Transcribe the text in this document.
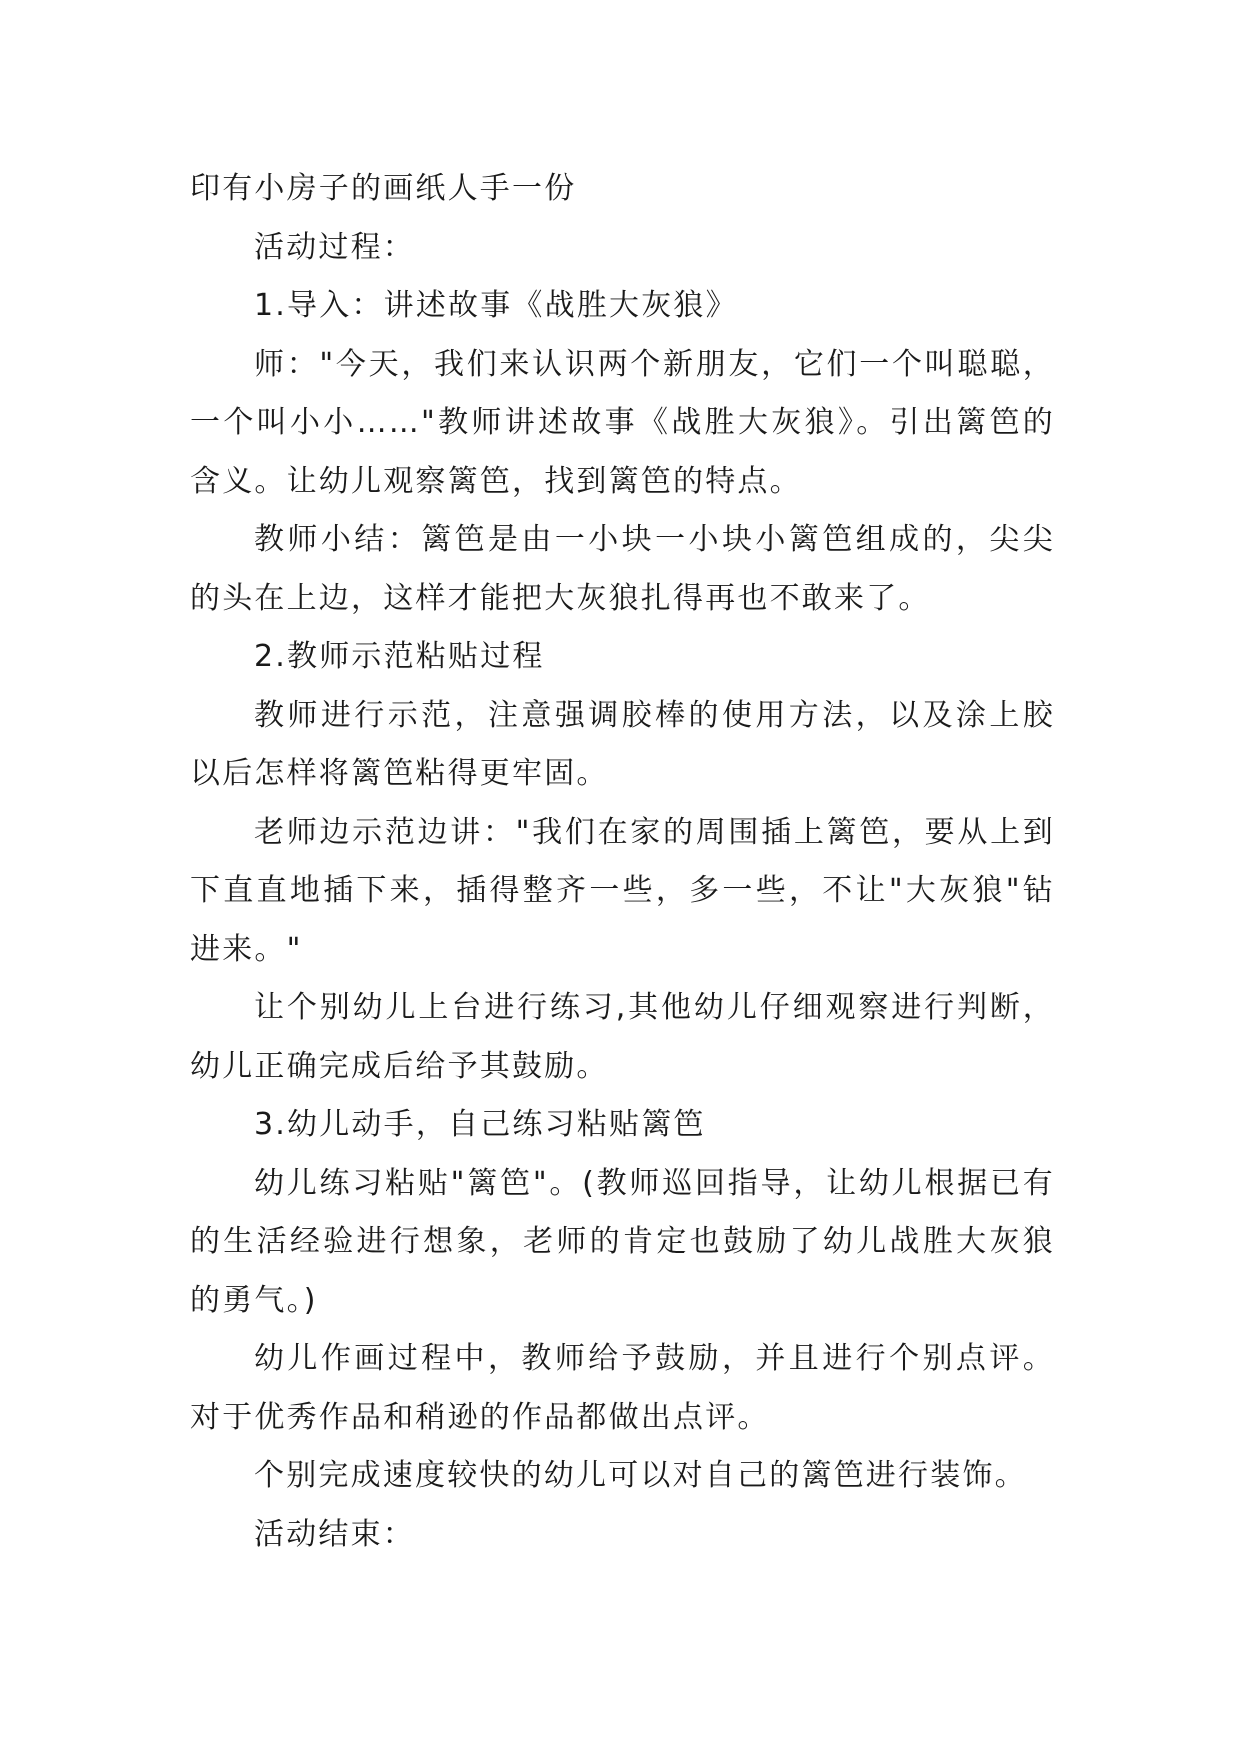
印有小房子的画纸人手一份

活动过程：

1.导入：讲述故事《战胜大灰狼》

师："今天，我们来认识两个新朋友，它们一个叫聪聪，一个叫小小……"教师讲述故事《战胜大灰狼》。引出篱笆的含义。让幼儿观察篱笆，找到篱笆的特点。

教师小结：篱笆是由一小块一小块小篱笆组成的，尖尖的头在上边，这样才能把大灰狼扎得再也不敢来了。

2.教师示范粘贴过程

教师进行示范，注意强调胶棒的使用方法，以及涂上胶以后怎样将篱笆粘得更牢固。

老师边示范边讲："我们在家的周围插上篱笆，要从上到下直直地插下来，插得整齐一些，多一些，不让"大灰狼"钻进来。"

让个别幼儿上台进行练习,其他幼儿仔细观察进行判断，幼儿正确完成后给予其鼓励。

3.幼儿动手，自己练习粘贴篱笆

幼儿练习粘贴"篱笆"。(教师巡回指导，让幼儿根据已有的生活经验进行想象，老师的肯定也鼓励了幼儿战胜大灰狼的勇气。)

幼儿作画过程中，教师给予鼓励，并且进行个别点评。对于优秀作品和稍逊的作品都做出点评。

个别完成速度较快的幼儿可以对自己的篱笆进行装饰。

活动结束：
